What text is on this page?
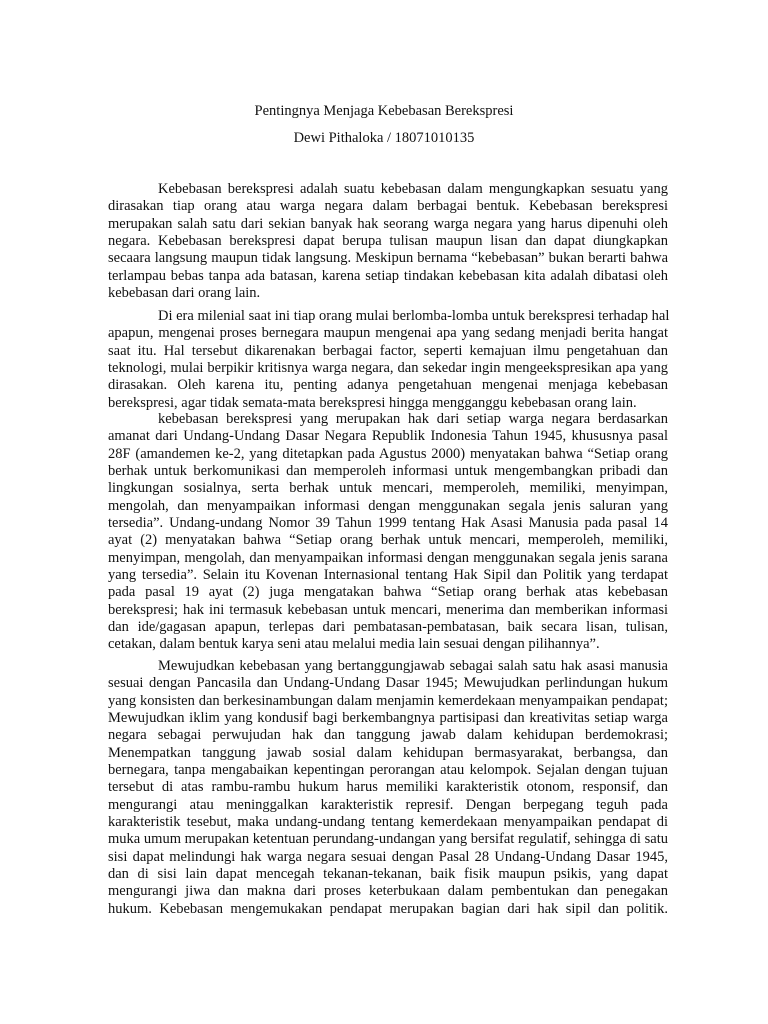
Pentingnya Menjaga Kebebasan Berekspresi
Dewi Pithaloka / 18071010135
Kebebasan berekspresi adalah suatu kebebasan dalam mengungkapkan sesuatu yang
dirasakan tiap orang atau warga negara dalam berbagai bentuk. Kebebasan berekspresi
merupakan salah satu dari sekian banyak hak seorang warga negara yang harus dipenuhi oleh
negara. Kebebasan berekspresi dapat berupa tulisan maupun lisan dan dapat diungkapkan
secaara langsung maupun tidak langsung. Meskipun bernama “kebebasan” bukan berarti bahwa
terlampau bebas tanpa ada batasan, karena setiap tindakan kebebasan kita adalah dibatasi oleh
kebebasan dari orang lain.
Di era milenial saat ini tiap orang mulai berlomba-lomba untuk berekspresi terhadap hal
apapun, mengenai proses bernegara maupun mengenai apa yang sedang menjadi berita hangat
saat itu. Hal tersebut dikarenakan berbagai factor, seperti kemajuan ilmu pengetahuan dan
teknologi, mulai berpikir kritisnya warga negara, dan sekedar ingin mengeekspresikan apa yang
dirasakan. Oleh karena itu, penting adanya pengetahuan mengenai menjaga kebebasan
berekspresi, agar tidak semata-mata berekspresi hingga mengganggu kebebasan orang lain.
kebebasan berekspresi yang merupakan hak dari setiap warga negara berdasarkan
amanat dari Undang-Undang Dasar Negara Republik Indonesia Tahun 1945, khususnya pasal
28F (amandemen ke-2, yang ditetapkan pada Agustus 2000) menyatakan bahwa “Setiap orang
berhak untuk berkomunikasi dan memperoleh informasi untuk mengembangkan pribadi dan
lingkungan sosialnya, serta berhak untuk mencari, memperoleh, memiliki, menyimpan,
mengolah, dan menyampaikan informasi dengan menggunakan segala jenis saluran yang
tersedia”. Undang-undang Nomor 39 Tahun 1999 tentang Hak Asasi Manusia pada pasal 14
ayat (2) menyatakan bahwa “Setiap orang berhak untuk mencari, memperoleh, memiliki,
menyimpan, mengolah, dan menyampaikan informasi dengan menggunakan segala jenis sarana
yang tersedia”. Selain itu Kovenan Internasional tentang Hak Sipil dan Politik yang terdapat
pada pasal 19 ayat (2) juga mengatakan bahwa “Setiap orang berhak atas kebebasan
berekspresi; hak ini termasuk kebebasan untuk mencari, menerima dan memberikan informasi
dan ide/gagasan apapun, terlepas dari pembatasan-pembatasan, baik secara lisan, tulisan,
cetakan, dalam bentuk karya seni atau melalui media lain sesuai dengan pilihannya”.
Mewujudkan kebebasan yang bertanggungjawab sebagai salah satu hak asasi manusia
sesuai dengan Pancasila dan Undang-Undang Dasar 1945; Mewujudkan perlindungan hukum
yang konsisten dan berkesinambungan dalam menjamin kemerdekaan menyampaikan pendapat;
Mewujudkan iklim yang kondusif bagi berkembangnya partisipasi dan kreativitas setiap warga
negara sebagai perwujudan hak dan tanggung jawab dalam kehidupan berdemokrasi;
Menempatkan tanggung jawab sosial dalam kehidupan bermasyarakat, berbangsa, dan
bernegara, tanpa mengabaikan kepentingan perorangan atau kelompok. Sejalan dengan tujuan
tersebut di atas rambu-rambu hukum harus memiliki karakteristik otonom, responsif, dan
mengurangi atau meninggalkan karakteristik represif. Dengan berpegang teguh pada
karakteristik tesebut, maka undang-undang tentang kemerdekaan menyampaikan pendapat di
muka umum merupakan ketentuan perundang-undangan yang bersifat regulatif, sehingga di satu
sisi dapat melindungi hak warga negara sesuai dengan Pasal 28 Undang-Undang Dasar 1945,
dan di sisi lain dapat mencegah tekanan-tekanan, baik fisik maupun psikis, yang dapat
mengurangi jiwa dan makna dari proses keterbukaan dalam pembentukan dan penegakan
hukum. Kebebasan mengemukakan pendapat merupakan bagian dari hak sipil dan politik.
